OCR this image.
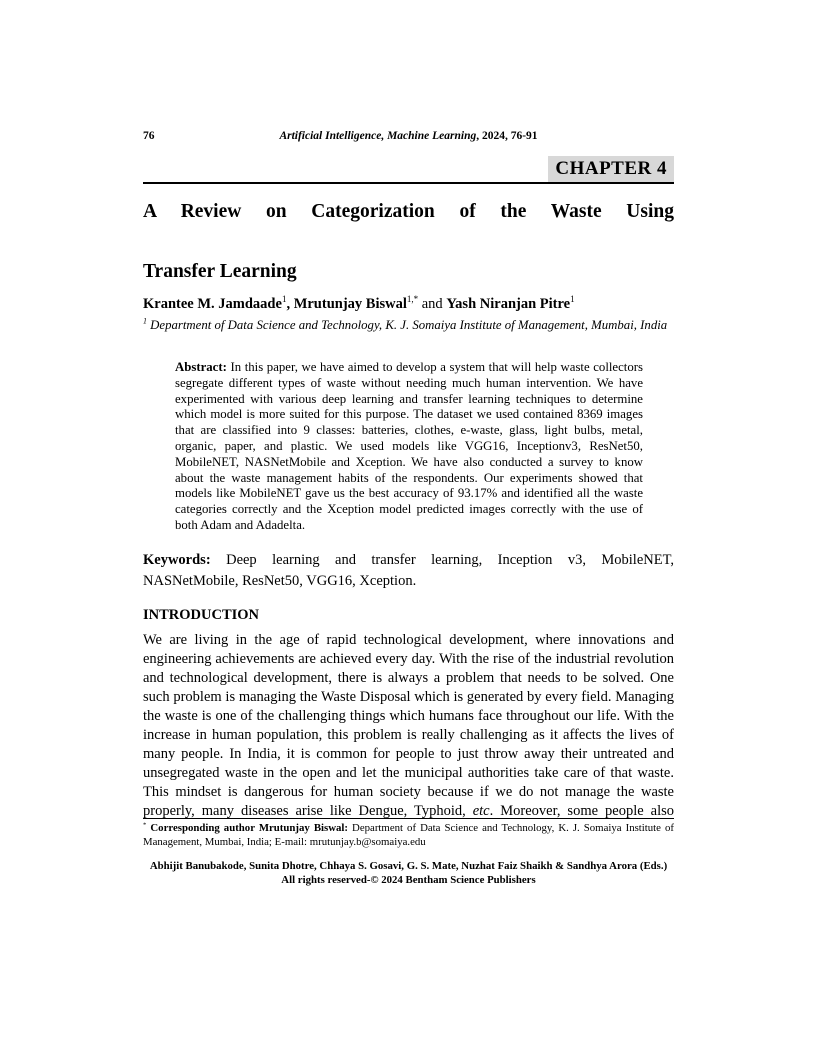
76	Artificial Intelligence, Machine Learning, 2024, 76-91
CHAPTER 4
A Review on Categorization of the Waste Using
Transfer Learning
Krantee M. Jamdaade$^1$, Mrutunjay Biswal$^{1,*}$ and Yash Niranjan Pitre$^1$
$^1$ Department of Data Science and Technology, K. J. Somaiya Institute of Management, Mumbai, India

Abstract: In this paper, we have aimed to develop a system that will help waste collectors segregate different types of waste without needing much human intervention. We have experimented with various deep learning and transfer learning techniques to determine which model is more suited for this purpose. The dataset we used contained 8369 images that are classified into 9 classes: batteries, clothes, e-waste, glass, light bulbs, metal, organic, paper, and plastic. We used models like VGG16, Inceptionv3, ResNet50, MobileNET, NASNetMobile and Xception. We have also conducted a survey to know about the waste management habits of the respondents. Our experiments showed that models like MobileNET gave us the best accuracy of 93.17% and identified all the waste categories correctly and the Xception model predicted images correctly with the use of both Adam and Adadelta.

Keywords: Deep learning and transfer learning, Inception v3, MobileNET, NASNetMobile, ResNet50, VGG16, Xception.

INTRODUCTION

We are living in the age of rapid technological development, where innovations and engineering achievements are achieved every day. With the rise of the industrial revolution and technological development, there is always a problem that needs to be solved. One such problem is managing the Waste Disposal which is generated by every field. Managing the waste is one of the challenging things which humans face throughout our life. With the increase in human population, this problem is really challenging as it affects the lives of many people. In India, it is common for people to just throw away their untreated and unsegregated waste in the open and let the municipal authorities take care of that waste. This mindset is dangerous for human society because if we do not manage the waste properly, many diseases arise like Dengue, Typhoid, etc. Moreover, some people also

* Corresponding author Mrutunjay Biswal: Department of Data Science and Technology, K. J. Somaiya Institute of Management, Mumbai, India; E-mail: mrutunjay.b@somaiya.edu
Abhijit Banubakode, Sunita Dhotre, Chhaya S. Gosavi, G. S. Mate, Nuzhat Faiz Shaikh & Sandhya Arora (Eds.)
All rights reserved-© 2024 Bentham Science Publishers
